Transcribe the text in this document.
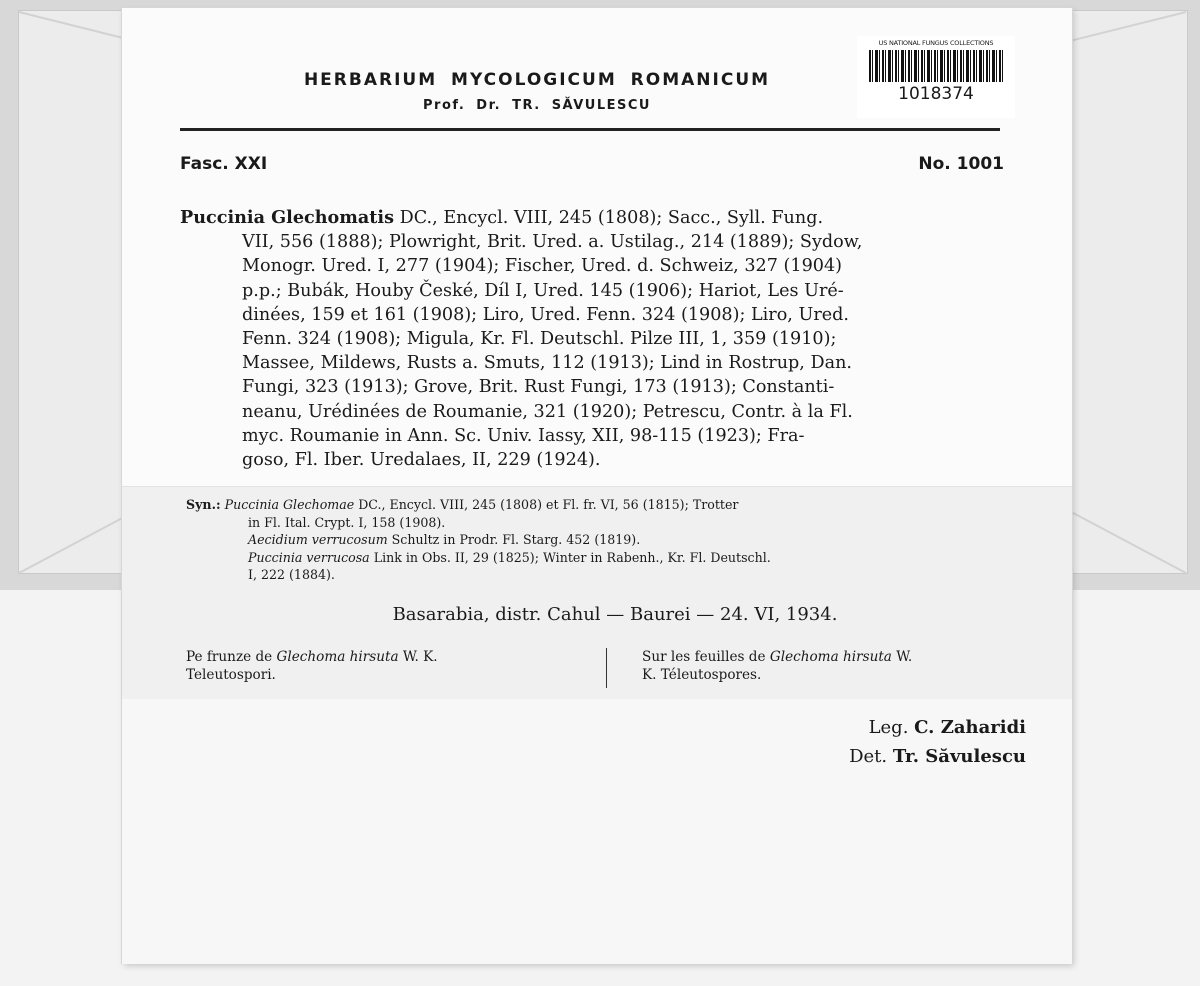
HERBARIUM MYCOLOGICUM ROMANICUM
Prof. Dr. TR. SĂVULESCU
US NATIONAL FUNGUS COLLECTIONS
1018374
Fasc. XXI	No. 1001
Puccinia Glechomatis DC., Encycl. VIII, 245 (1808); Sacc., Syll. Fung.
VII, 556 (1888); Plowright, Brit. Ured. a. Ustilag., 214 (1889); Sydow,
Monogr. Ured. I, 277 (1904); Fischer, Ured. d. Schweiz, 327 (1904)
p.p.; Bubák, Houby České, Díl I, Ured. 145 (1906); Hariot, Les Uré-
dinées, 159 et 161 (1908); Liro, Ured. Fenn. 324 (1908); Liro, Ured.
Fenn. 324 (1908); Migula, Kr. Fl. Deutschl. Pilze III, 1, 359 (1910);
Massee, Mildews, Rusts a. Smuts, 112 (1913); Lind in Rostrup, Dan.
Fungi, 323 (1913); Grove, Brit. Rust Fungi, 173 (1913); Constanti-
neanu, Urédinées de Roumanie, 321 (1920); Petrescu, Contr. à la Fl.
myc. Roumanie in Ann. Sc. Univ. Iassy, XII, 98-115 (1923); Fra-
goso, Fl. Iber. Uredalaes, II, 229 (1924).
Syn.: Puccinia Glechomae DC., Encycl. VIII, 245 (1808) et Fl. fr. VI, 56 (1815); Trotter
in Fl. Ital. Crypt. I, 158 (1908).
Aecidium verrucosum Schultz in Prodr. Fl. Starg. 452 (1819).
Puccinia verrucosa Link in Obs. II, 29 (1825); Winter in Rabenh., Kr. Fl. Deutschl.
I, 222 (1884).
Basarabia, distr. Cahul — Baurei — 24. VI, 1934.
Pe frunze de Glechoma hirsuta W. K.
Teleutospori.
Sur les feuilles de Glechoma hirsuta W.
K. Téleutospores.
Leg. C. Zaharidi
Det. Tr. Săvulescu
